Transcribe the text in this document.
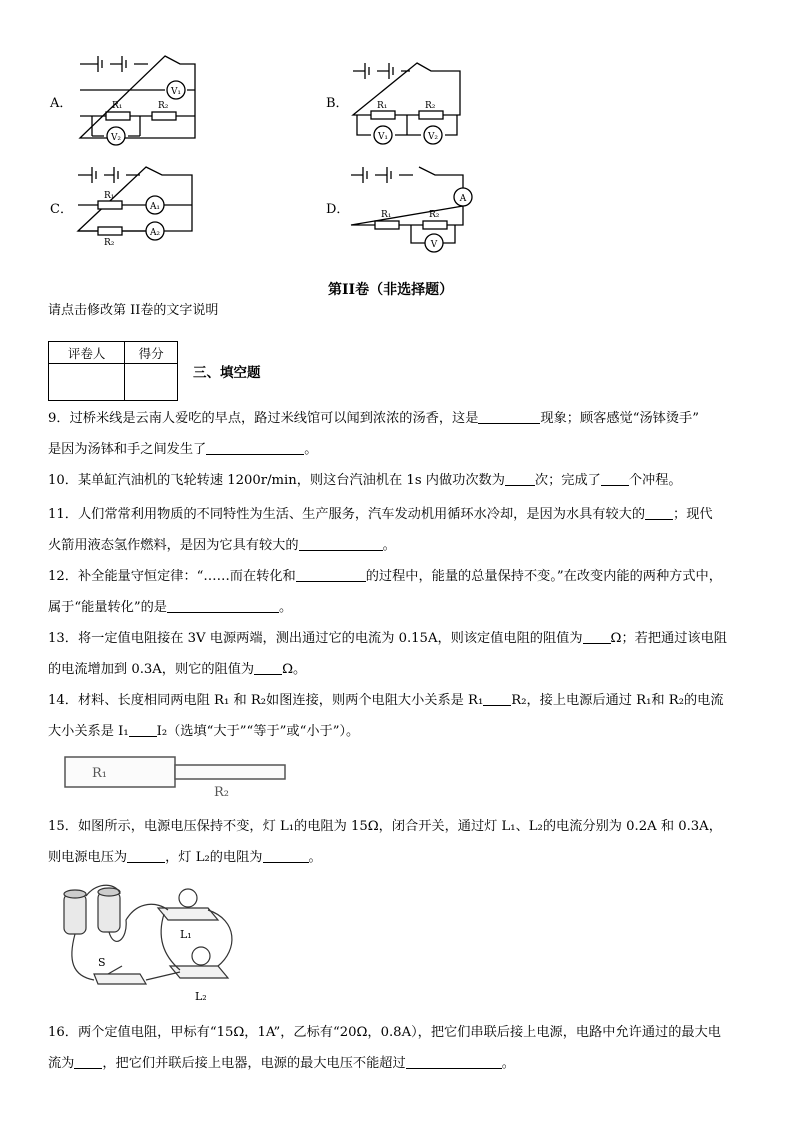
A．
V₁
V₂
R₁	R₂	B．
V₁	V₂
R₁	R₂
C．	A₁
A₂
R₁
R₂
D．
A
V
R₁	R₂
第II卷（非选择题）
请点击修改第 II卷的文字说明
评卷人	得分

三、填空题
9．过桥米线是云南人爱吃的早点，路过米线馆可以闻到浓浓的汤香，这是	现象；顾客感觉“汤钵烫手”
是因为汤钵和手之间发生了	。
10．某单缸汽油机的飞轮转速 1200r/min，则这台汽油机在 1s 内做功次数为 次；完成了 个冲程。
11．人们常常利用物质的不同特性为生活、生产服务，汽车发动机用循环水冷却，是因为水具有较大的 ；现代
火箭用液态氢作燃料，是因为它具有较大的	。
12．补全能量守恒定律：“……而在转化和	的过程中，能量的总量保持不变。”在改变内能的两种方式中，
属于“能量转化”的是	。
13．将一定值电阻接在 3V 电源两端，测出通过它的电流为 0.15A，则该定值电阻的阻值为 Ω；若把通过该电阻
的电流增加到 0.3A，则它的阻值为 Ω。
14．材料、长度相同两电阻 R₁ 和 R₂如图连接，则两个电阻大小关系是 R₁ R₂，接上电源后通过 R₁和 R₂的电流
大小关系是 I₁ I₂（选填“大于”“等于”或“小于”）。
R₁
R₂
15．如图所示，电源电压保持不变，灯 L₁的电阻为 15Ω，闭合开关，通过灯 L₁、L₂的电流分别为 0.2A 和 0.3A，
则电源电压为	，灯 L₂的电阻为	。
S
L₁
L₂
16．两个定值电阻，甲标有“15Ω，1A”，乙标有“20Ω，0.8A），把它们串联后接上电源，电路中允许通过的最大电
流为 ，把它们并联后接上电器，电源的最大电压不能超过	。
